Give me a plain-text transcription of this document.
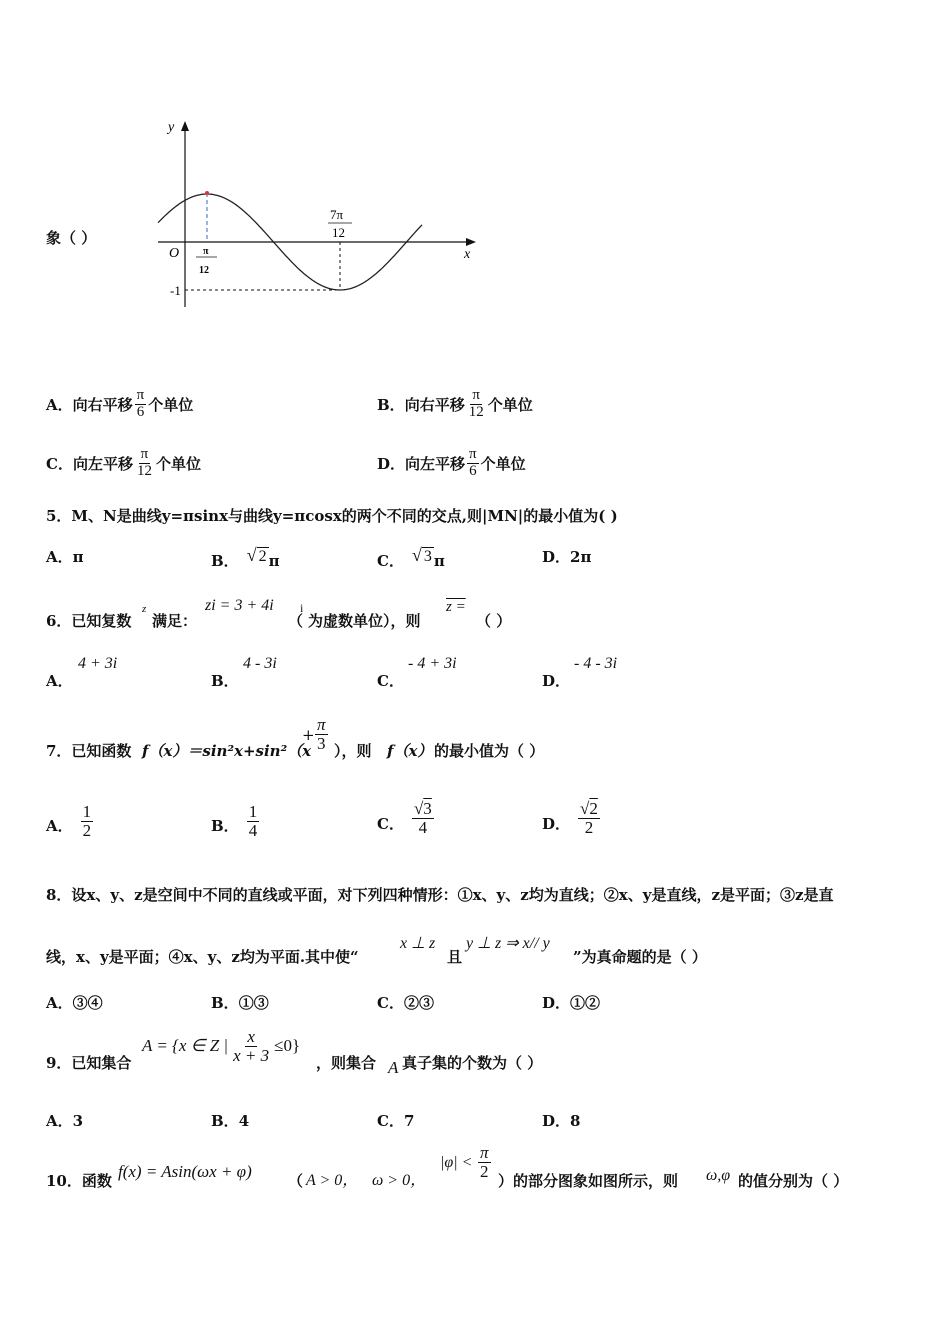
象（ ）
y
x
O π
12
7π
12
-1
A． 向右平移 $\frac{\pi}{6}$ 个单位	B． 向右平移 $\frac{\pi}{12}$ 个单位
C． 向左平移 $\frac{\pi}{12}$ 个单位	D． 向左平移 $\frac{\pi}{6}$ 个单位
5．M、N是曲线y=πsinx与曲线y=πcosx的两个不同的交点,则|MN|的最小值为( )
A． π	B． √ 2 π	C． √ 3 π	D． 2π
6．已知复数
z
满足：
zi = 3 + 4i
（
i
为虚数单位），则
z =
（ ）
A．
4 + 3i
B．
4 - 3i
C．
- 4 + 3i
D．
- 4 - 3i
7．已知函数 f（x）＝sin²x+sin²（x
+ $\frac{\pi}{3}$ ），则 f（x） 的最小值为（ ）
A． $\frac{1}{2}$	B． $\frac{1}{4}$	C． $\frac{√3}{4}$	D． $\frac{√2}{2}$
8．设x、y、z是空间中不同的直线或平面，对下列四种情形：①x、y、z均为直线；②x、y是直线，z是平面；③z是直
线，x、y是平面；④x、y、z均为平面.其中使“
x ⊥ z
且
y ⊥ z ⇒ x// y
”为真命题的是（ ）
A．③④	B．①③	C．②③	D．①②
9．已知集合
A = {x ∈ Z | $\frac{x}{x + 3} \le 0$}
，则集合 A 真子集的个数为（ ）
A．3	B．4	C．7	D．8
10．函数 f(x) = Asin(ωx + φ) （ A > 0， ω > 0，
$|\varphi| < \frac{\pi}{2}$
）的部分图象如图所示，则 ω,φ 的值分别为（ ）
